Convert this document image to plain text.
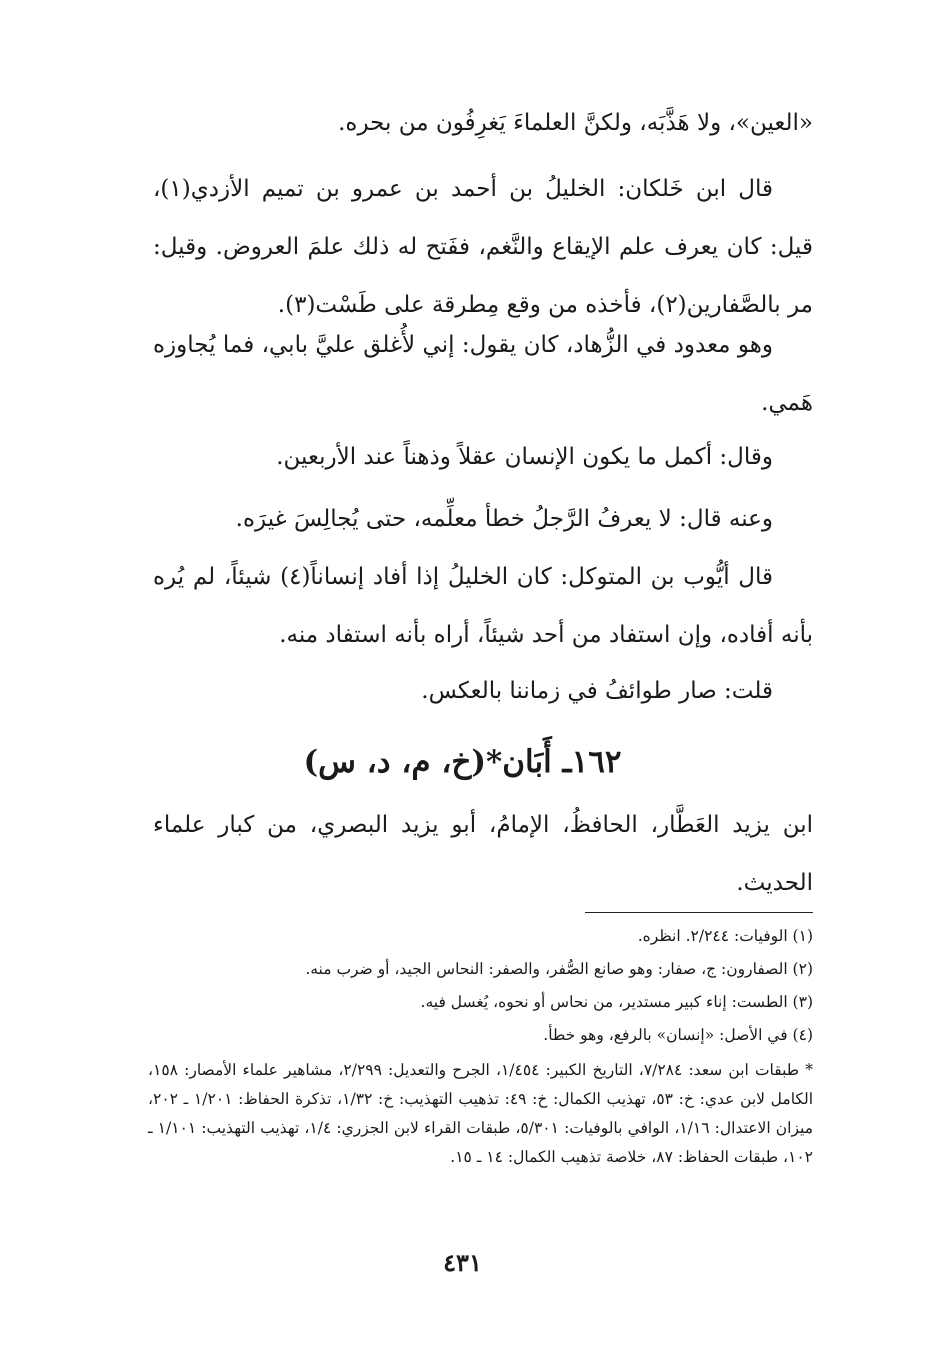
«العين»، ولا هَذَّبَه، ولكنَّ العلماءَ يَغرِفُون من بحره.
قال ابن خَلكان: الخليلُ بن أحمد بن عمرو بن تميم الأزدي(١)، قيل: كان يعرف علم الإيقاع والنَّغم، ففَتح له ذلك علمَ العروض. وقيل: مر بالصَّفارين(٢)، فأخذه من وقع مِطرقة على طَسْت(٣).
وهو معدود في الزُّهاد، كان يقول: إني لأُغلق عليَّ بابي، فما يُجاوزه هَمي.
وقال: أكمل ما يكون الإنسان عقلاً وذهناً عند الأربعين.
وعنه قال: لا يعرفُ الرَّجلُ خطأ معلِّمه، حتى يُجالِسَ غيرَه.
قال أيُّوب بن المتوكل: كان الخليلُ إذا أفاد إنساناً(٤) شيئاً، لم يُره بأنه أفاده، وإن استفاد من أحد شيئاً، أراه بأنه استفاد منه.
قلت: صار طوائفُ في زماننا بالعكس.
١٦٢ـ أَبَان*(خ، م، د، س)
ابن يزيد العَطَّار، الحافظُ، الإمامُ، أبو يزيد البصري، من كبار علماء الحديث.
(١) الوفيات: ٢/٢٤٤. انظره.
(٢) الصفارون: ج، صفار: وهو صانع الصُّفر، والصفر: النحاس الجيد، أو ضرب منه.
(٣) الطست: إناء كبير مستدير، من نحاس أو نحوه، يُغسل فيه.
(٤) في الأصل: «إنسان» بالرفع، وهو خطأ.
* طبقات ابن سعد: ٧/٢٨٤، التاريخ الكبير: ١/٤٥٤، الجرح والتعديل: ٢/٢٩٩، مشاهير علماء الأمصار: ١٥٨، الكامل لابن عدي: خ: ٥٣، تهذيب الكمال: خ: ٤٩: تذهيب التهذيب: خ: ١/٣٢، تذكرة الحفاظ: ١/٢٠١ ـ ٢٠٢، ميزان الاعتدال: ١/١٦، الوافي بالوفيات: ٥/٣٠١، طبقات القراء لابن الجزري: ١/٤، تهذيب التهذيب: ١/١٠١ ـ ١٠٢، طبقات الحفاظ: ٨٧، خلاصة تذهيب الكمال: ١٤ ـ ١٥.
٤٣١
